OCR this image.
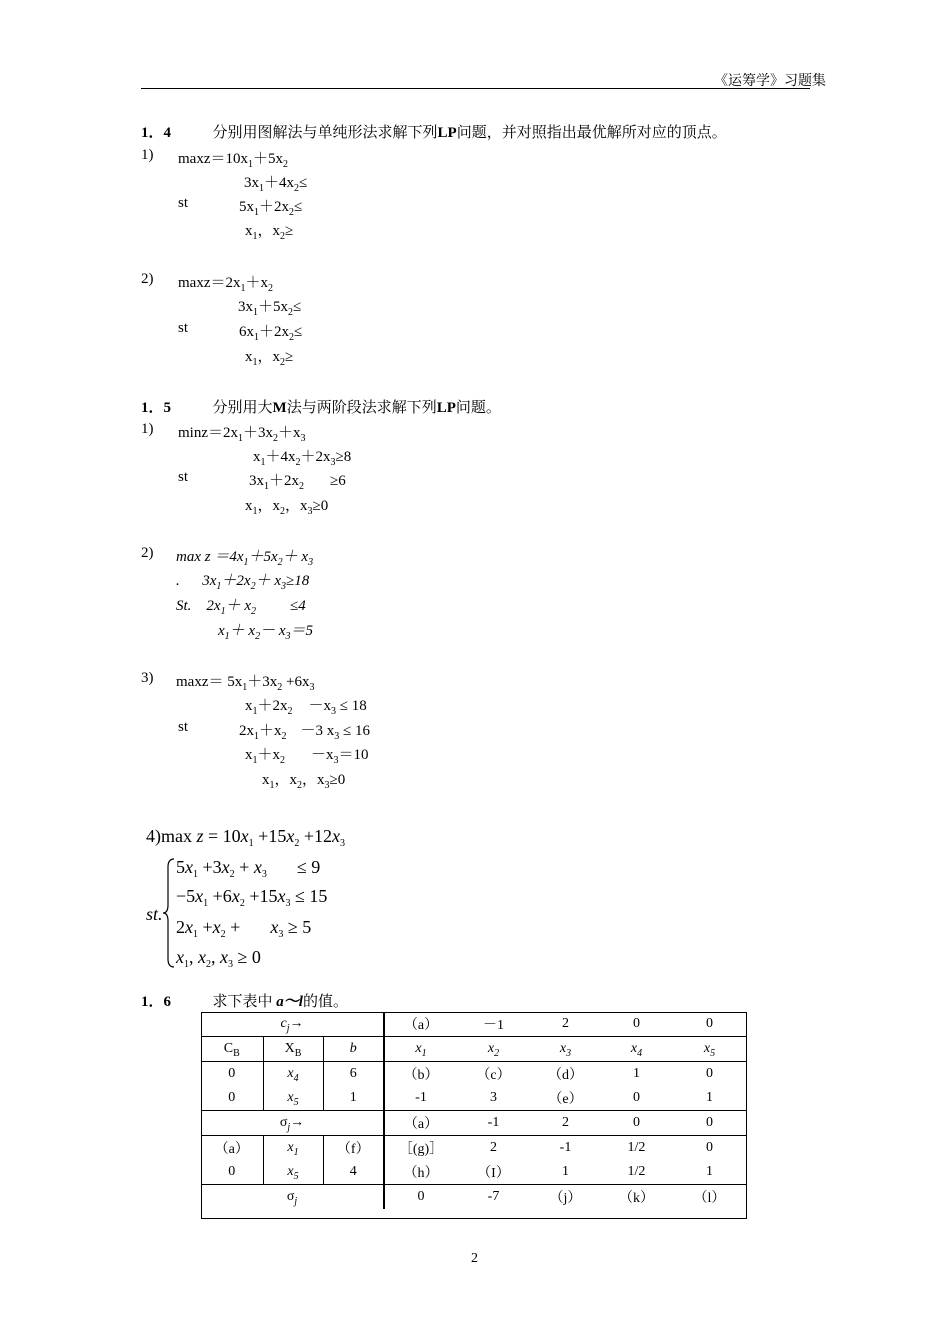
《运筹学》习题集
1．4	分别用图解法与单纯形法求解下列LP问题，并对照指出最优解所对应的顶点。
1) $\max z=10x_1+5x_2$
$3x_1+4x_2\le$
st	$5x_1+2x_2\le$
$x_1$，$x_2\ge$
2) $\max z=2x_1+x_2$
$3x_1+5x_2\le$
st	$6x_1+2x_2\le$
$x_1$，$x_2\ge$
1．5	分别用大M法与两阶段法求解下列LP问题。
1) $\min z=2x_1+3x_2+x_3$
$x_1+4x_2+2x_3\ge 8$
st	$3x_1+2x_2 \ge 6$
$x_1$，$x_2$，$x_3\ge 0$
2) $\max z =4x_1+5x_2+ x_3$
.      $3x_1+2x_2+ x_3\ge 18$
St.    $2x_1+ x_2 \le 4$
$x_1+ x_2- x_3=5$
3) $\max z= 5x_1+3x_2 +6x_3$
$x_1+2x_2 -x_3 \le 18$
st	$2x_1+x_2 -3$ $x_3 \le 16$
$x_1+x_2 -x_3=10$
$x_1$，$x_2$，$x_3\ge 0$
4)max $z = 10x_1 +15x_2 +12x_3$
st.
$5x_1 +3x_2 + x_3 \le 9$
$-5x_1 +6x_2 +15x_3 \le 15$
$2x_1 +x_2 + x_3 \ge 5$
$x_1$, $x_2$, $x_3 \ge 0$
1．6	求下表中 a～l的值。
$c_j\to$			（a）	－1	2	0	0
$C_B$	$X_B$	b	$x_1$	$x_2$	$x_3$	$x_4$	$x_5$
0	$x_4$	6	（b）	（c）	（d）	1	0
0	$x_5$	1	-1	3	（e）	0	1
$\sigma_j\to$			（a）	-1	2	0	0
（a）	$x_1$	（f）	［(g)］	2	-1	1/2	0
0	$x_5$	4	（h）	（I）	1	1/2	1
$\sigma_j$			0	-7	（j）	（k）	（l）
2
